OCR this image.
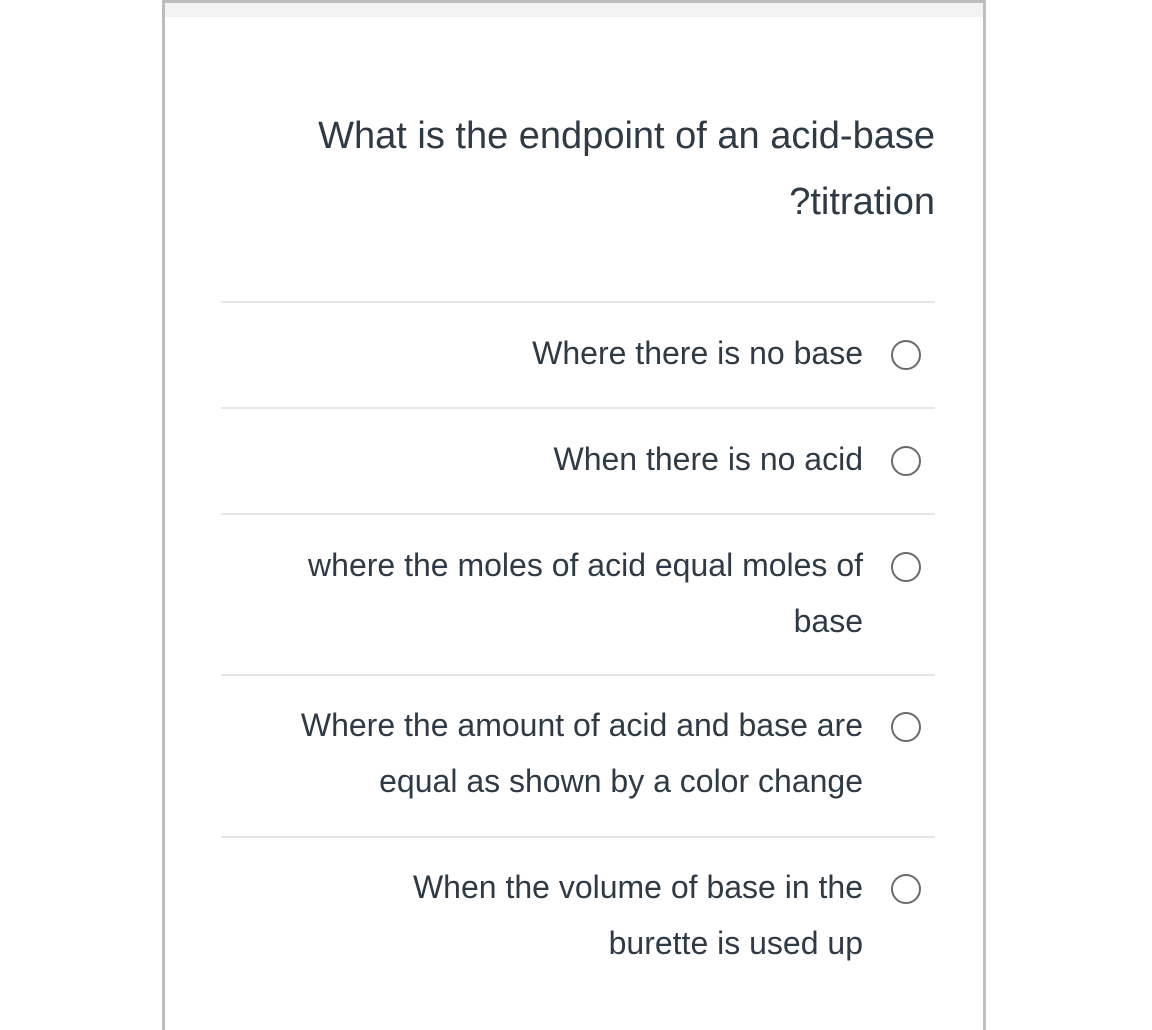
What is the endpoint of an acid-base titration?
Where there is no base
When there is no acid
where the moles of acid equal moles of base
Where the amount of acid and base are equal as shown by a color change
When the volume of base in the burette is used up
